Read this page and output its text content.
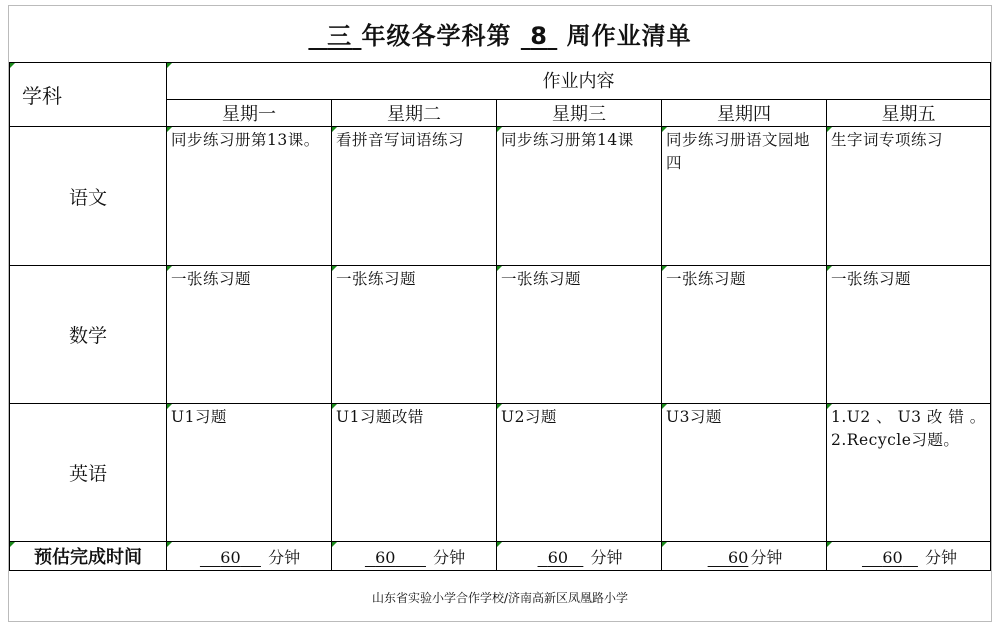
三 年级各学科第 8 周作业清单
学科	作业内容				
	星期一	星期二	星期三	星期四	星期五
语文	同步练习册第13课。	看拼音写词语练习	同步练习册第14课	同步练习册语文园地四	生字词专项练习
数学	一张练习题	一张练习题	一张练习题	一张练习题	一张练习题
英语	U1习题	U1习题改错	U2习题	U3习题	1.U2 、 U3 改 错 。2.Recycle习题。
预估完成时间	60 分钟	60 分钟	60 分钟	60 分钟	60 分钟
山东省实验小学合作学校/济南高新区凤凰路小学
